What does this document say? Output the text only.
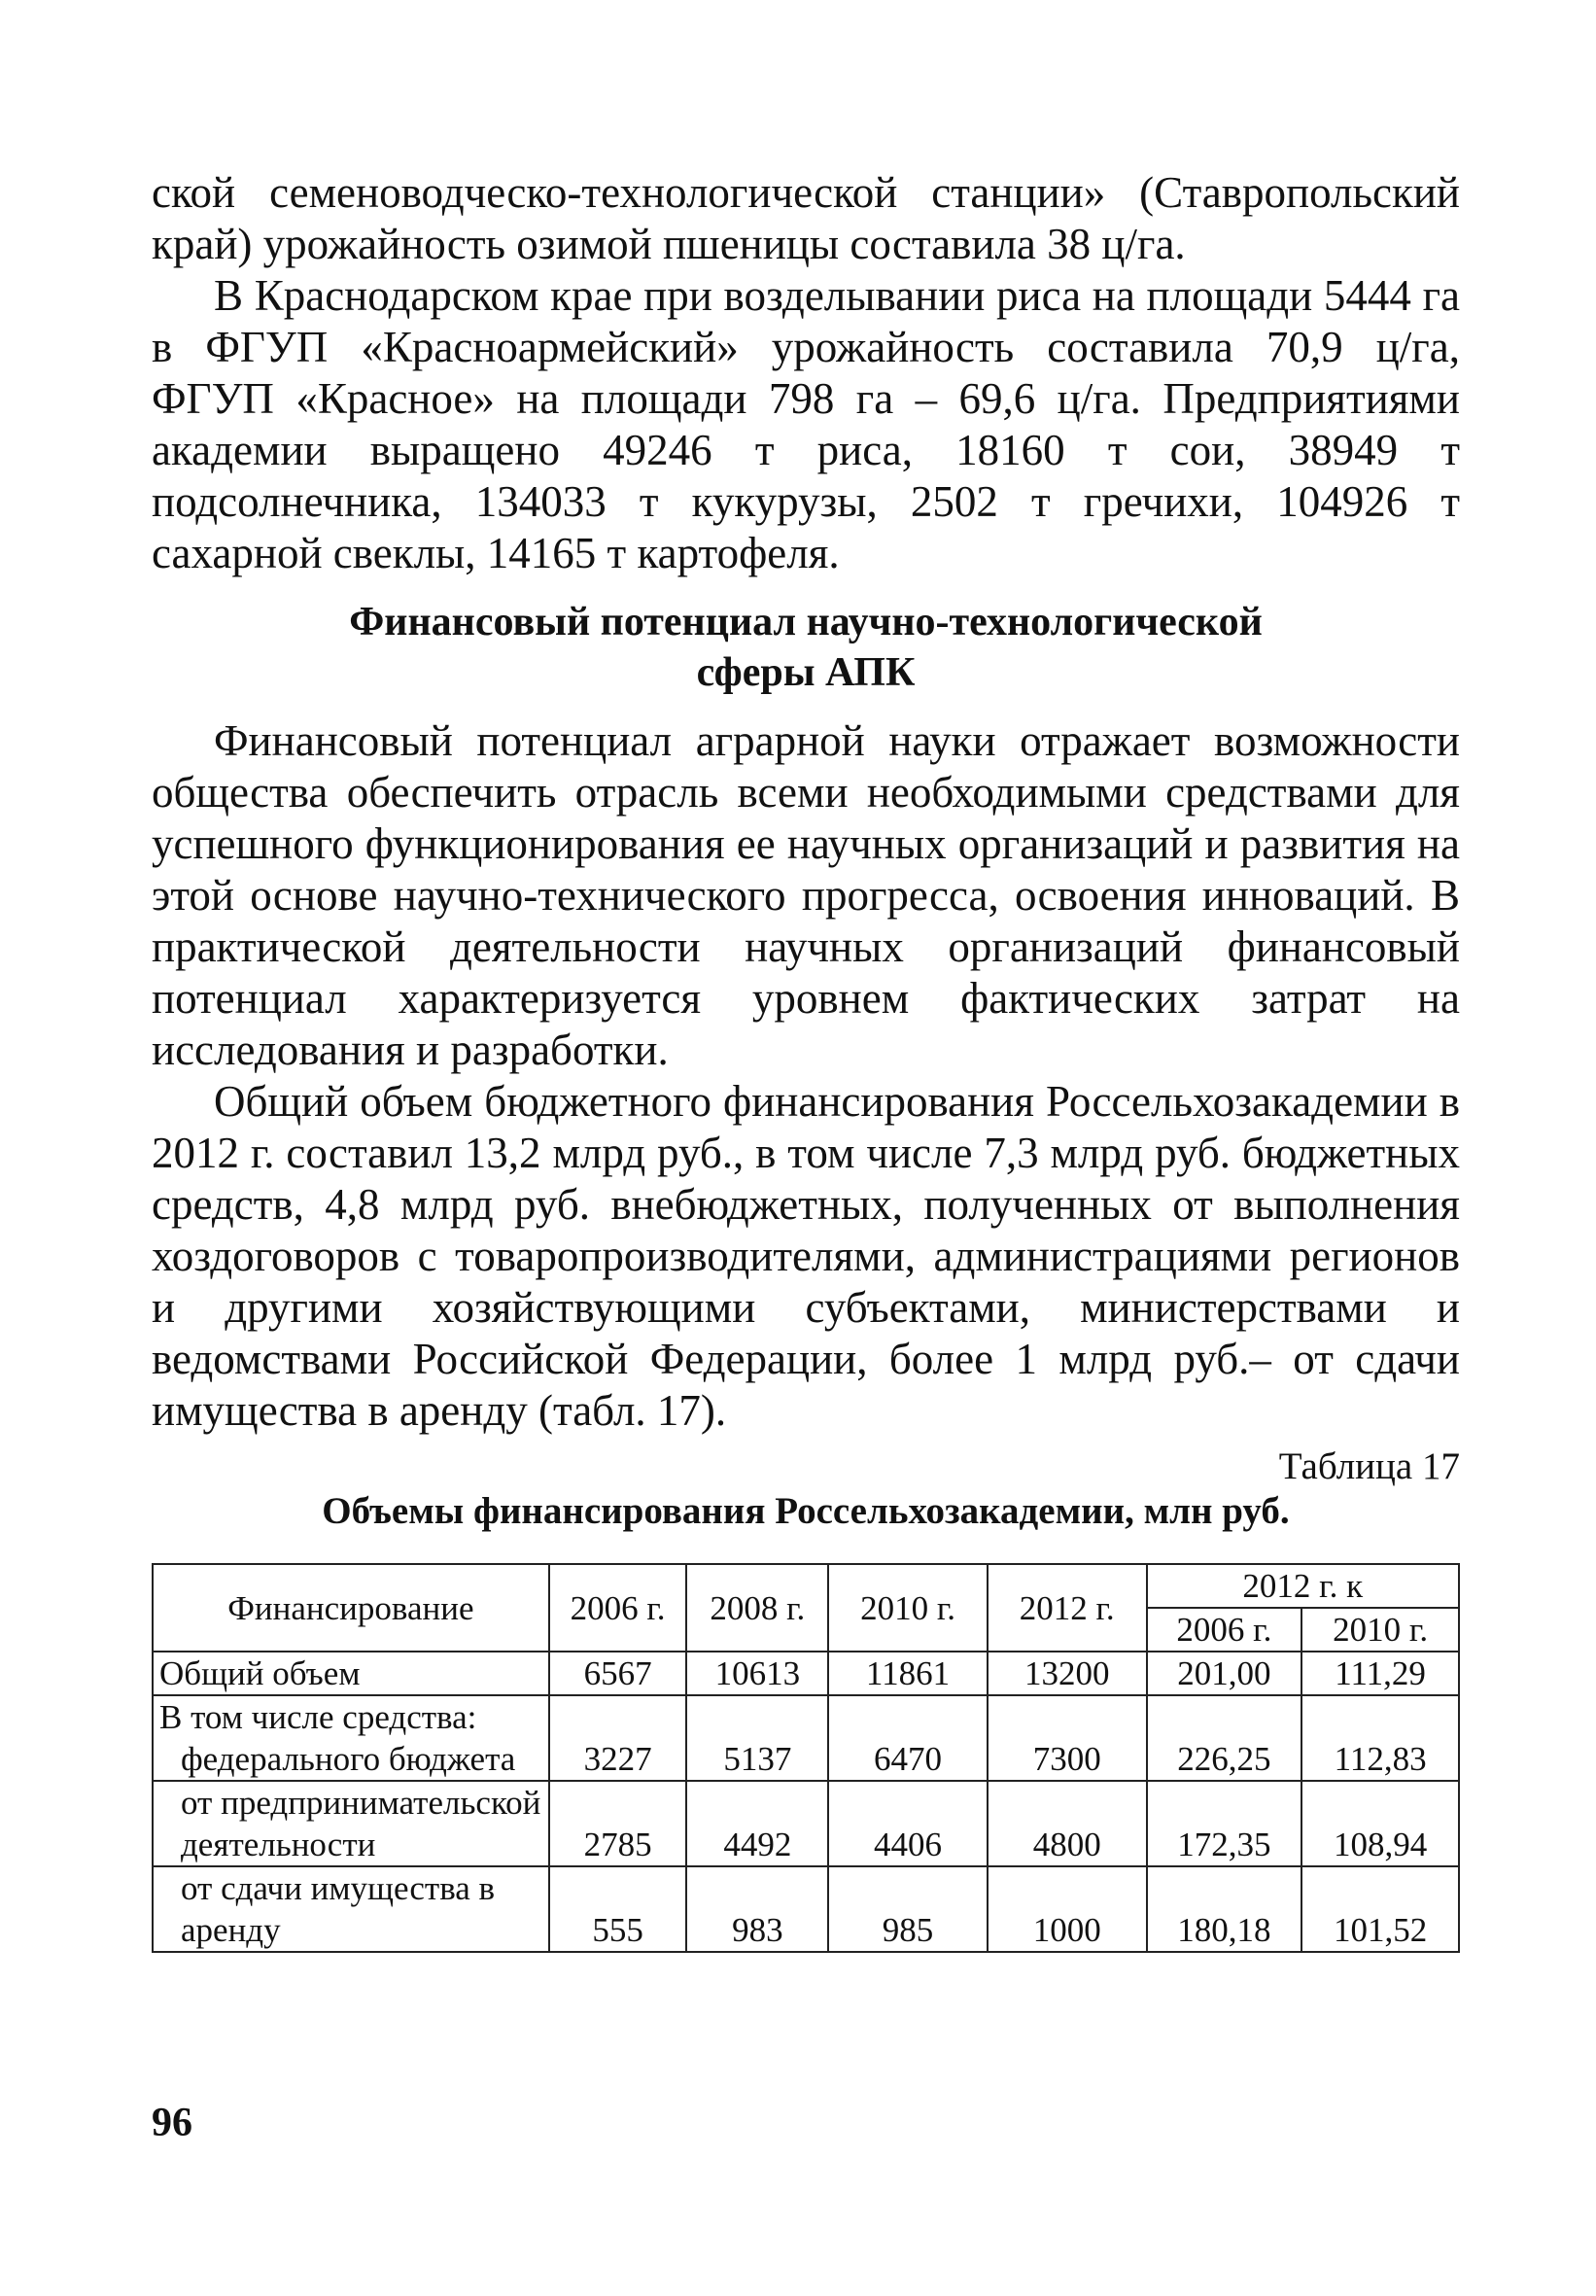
ской семеноводческо-технологической станции» (Ставропольский край) урожайность озимой пшеницы составила 38 ц/га.

В Краснодарском крае при возделывании риса на площади 5444 га в ФГУП «Красноармейский» урожайность составила 70,9 ц/га, ФГУП «Красное» на площади 798 га – 69,6 ц/га. Предприятиями академии выращено 49246 т риса, 18160 т сои, 38949 т подсолнечника, 134033 т кукурузы, 2502 т гречихи, 104926 т сахарной свеклы, 14165 т картофеля.

Финансовый потенциал научно-технологической
сферы АПК

Финансовый потенциал аграрной науки отражает возможности общества обеспечить отрасль всеми необходимыми средствами для успешного функционирования ее научных организаций и развития на этой основе научно-технического прогресса, освоения инноваций. В практической деятельности научных организаций финансовый потенциал характеризуется уровнем фактических затрат на исследования и разработки.

Общий объем бюджетного финансирования Россельхозакадемии в 2012 г. составил 13,2 млрд руб., в том числе 7,3 млрд руб. бюджетных средств, 4,8 млрд руб. внебюджетных, полученных от выполнения хоздоговоров с товаропроизводителями, администрациями регионов и другими хозяйствующими субъектами, министерствами и ведомствами Российской Федерации, более 1 млрд руб.– от сдачи имущества в аренду (табл. 17).

Таблица 17
Объемы финансирования Россельхозакадемии, млн руб.
Финансирование	2006 г.	2008 г.	2010 г.	2012 г.	2012 г. к	
					2006 г.	2010 г.
Общий объем	6567	10613	11861	13200	201,00	111,29
В том числе средства:

федерального бюджета	3227	5137	6470	7300	226,25	112,83
от предпринимательской деятельности	2785	4492	4406	4800	172,35	108,94
от сдачи имущества в аренду	555	983	985	1000	180,18	101,52
96
